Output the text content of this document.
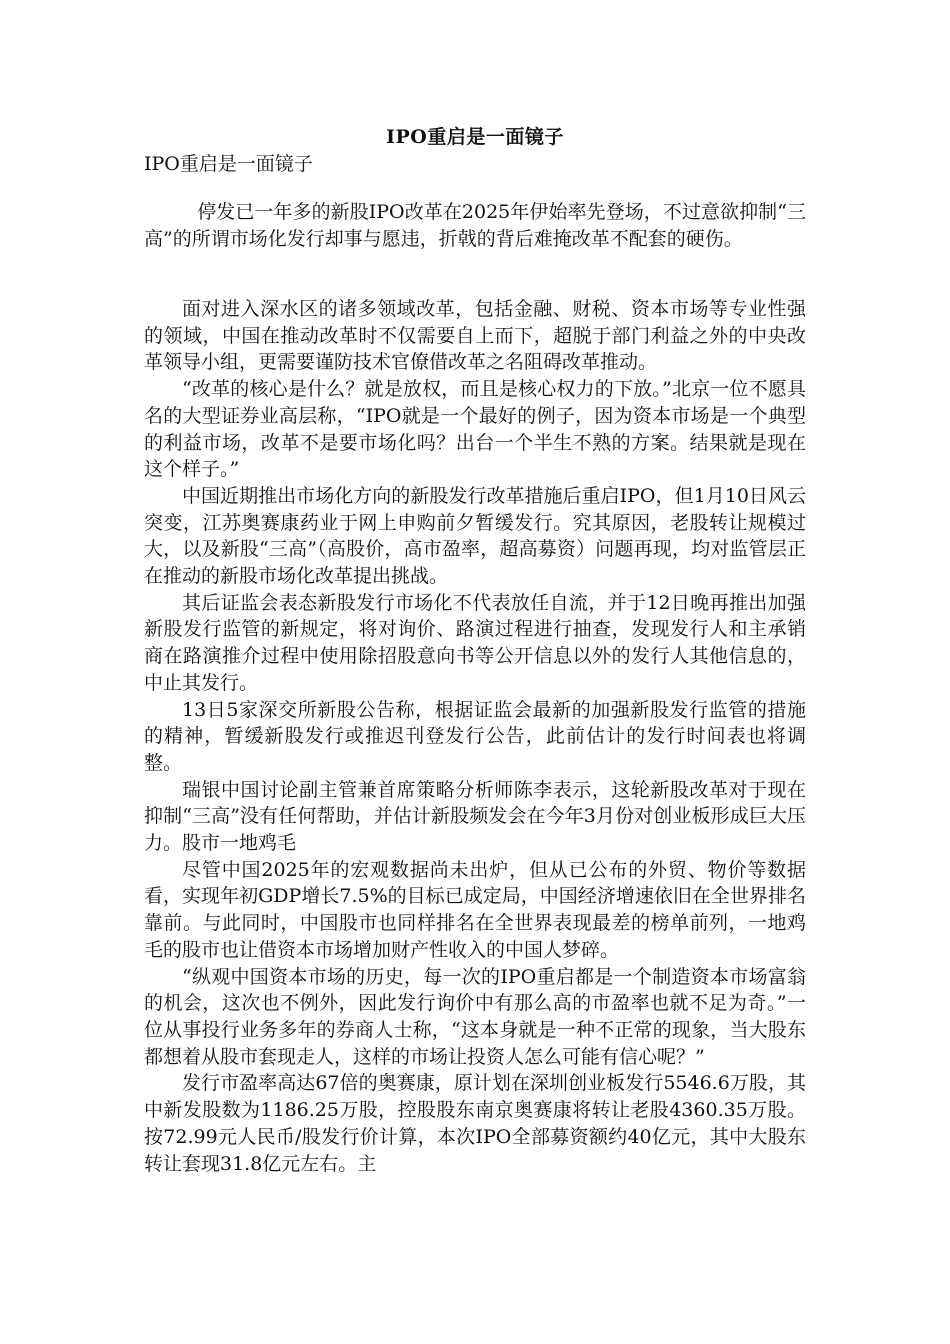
IPO重启是一面镜子
IPO重启是一面镜子

停发已一年多的新股IPO改革在2025年伊始率先登场，不过意欲抑制“三高”的所谓市场化发行却事与愿违，折戟的背后难掩改革不配套的硬伤。

面对进入深水区的诸多领域改革，包括金融、财税、资本市场等专业性强的领域，中国在推动改革时不仅需要自上而下，超脱于部门利益之外的中央改革领导小组，更需要谨防技术官僚借改革之名阻碍改革推动。

“改革的核心是什么？就是放权，而且是核心权力的下放。”北京一位不愿具名的大型证券业高层称，“IPO就是一个最好的例子，因为资本市场是一个典型的利益市场，改革不是要市场化吗？出台一个半生不熟的方案。结果就是现在这个样子。”

中国近期推出市场化方向的新股发行改革措施后重启IPO，但1月10日风云突变，江苏奥赛康药业于网上申购前夕暂缓发行。究其原因，老股转让规模过大，以及新股“三高”（高股价，高市盈率，超高募资）问题再现，均对监管层正在推动的新股市场化改革提出挑战。

其后证监会表态新股发行市场化不代表放任自流，并于12日晚再推出加强新股发行监管的新规定，将对询价、路演过程进行抽查，发现发行人和主承销商在路演推介过程中使用除招股意向书等公开信息以外的发行人其他信息的，中止其发行。

13日5家深交所新股公告称，根据证监会最新的加强新股发行监管的措施的精神，暂缓新股发行或推迟刊登发行公告，此前估计的发行时间表也将调整。

瑞银中国讨论副主管兼首席策略分析师陈李表示，这轮新股改革对于现在抑制“三高”没有任何帮助，并估计新股频发会在今年3月份对创业板形成巨大压力。股市一地鸡毛

尽管中国2025年的宏观数据尚未出炉，但从已公布的外贸、物价等数据看，实现年初GDP增长7.5%的目标已成定局，中国经济增速依旧在全世界排名靠前。与此同时，中国股市也同样排名在全世界表现最差的榜单前列，一地鸡毛的股市也让借资本市场增加财产性收入的中国人梦碎。

“纵观中国资本市场的历史，每一次的IPO重启都是一个制造资本市场富翁的机会，这次也不例外，因此发行询价中有那么高的市盈率也就不足为奇。”一位从事投行业务多年的券商人士称，“这本身就是一种不正常的现象，当大股东都想着从股市套现走人，这样的市场让投资人怎么可能有信心呢？”

发行市盈率高达67倍的奥赛康，原计划在深圳创业板发行5546.6万股，其中新发股数为1186.25万股，控股股东南京奥赛康将转让老股4360.35万股。按72.99元人民币/股发行价计算，本次IPO全部募资额约40亿元，其中大股东转让套现31.8亿元左右。主
